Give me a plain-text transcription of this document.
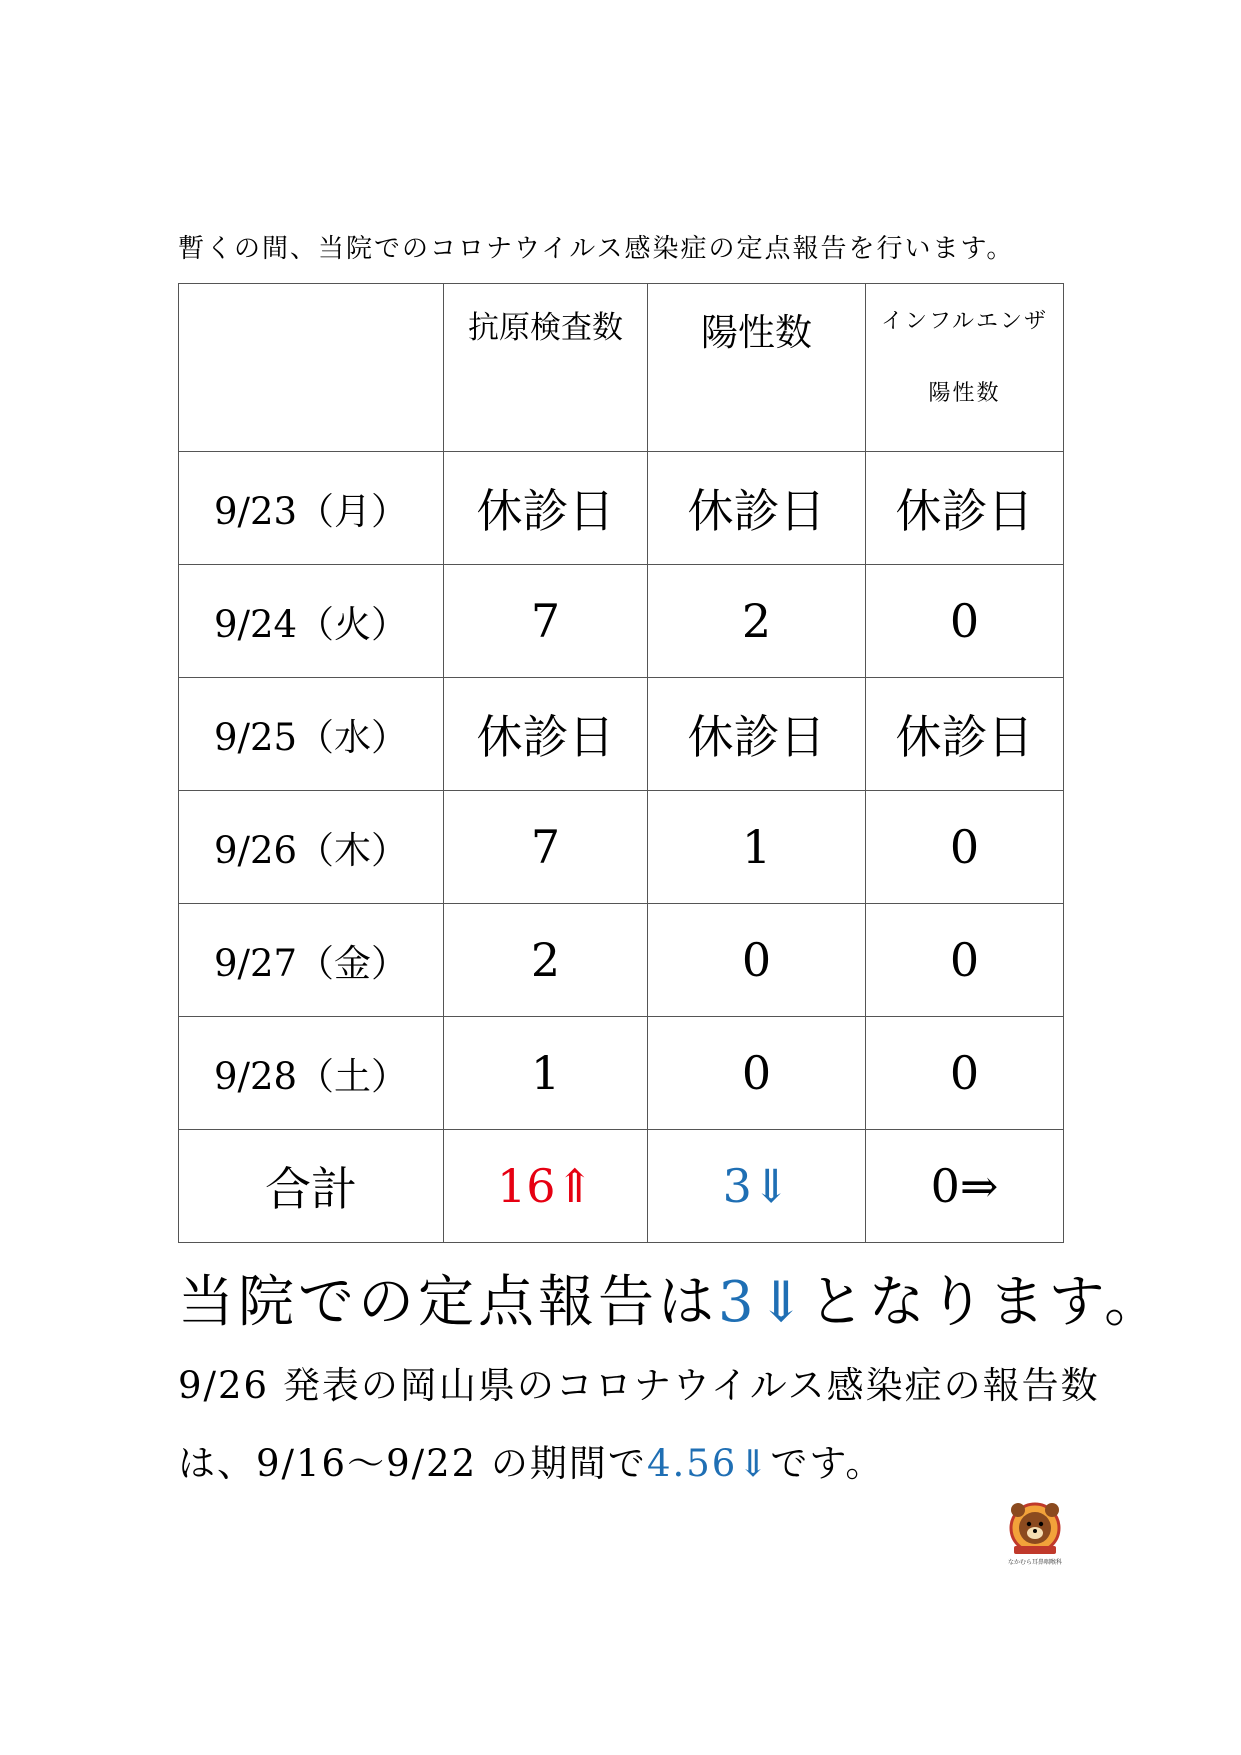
暫くの間、当院でのコロナウイルス感染症の定点報告を行います。
	抗原検査数	陽性数	インフルエンザ
陽性数

9/23（月）	休診日	休診日	休診日
9/24（火）	7	2	0
9/25（水）	休診日	休診日	休診日
9/26（木）	7	1	0
9/27（金）	2	0	0
9/28（土）	1	0	0
合計	16⇑	3⇓	0⇒
当院での定点報告は3⇓となります。
9/26 発表の岡山県のコロナウイルス感染症の報告数
は、9/16～9/22 の期間で4.56⇓です。
なかむら耳鼻咽喉科
